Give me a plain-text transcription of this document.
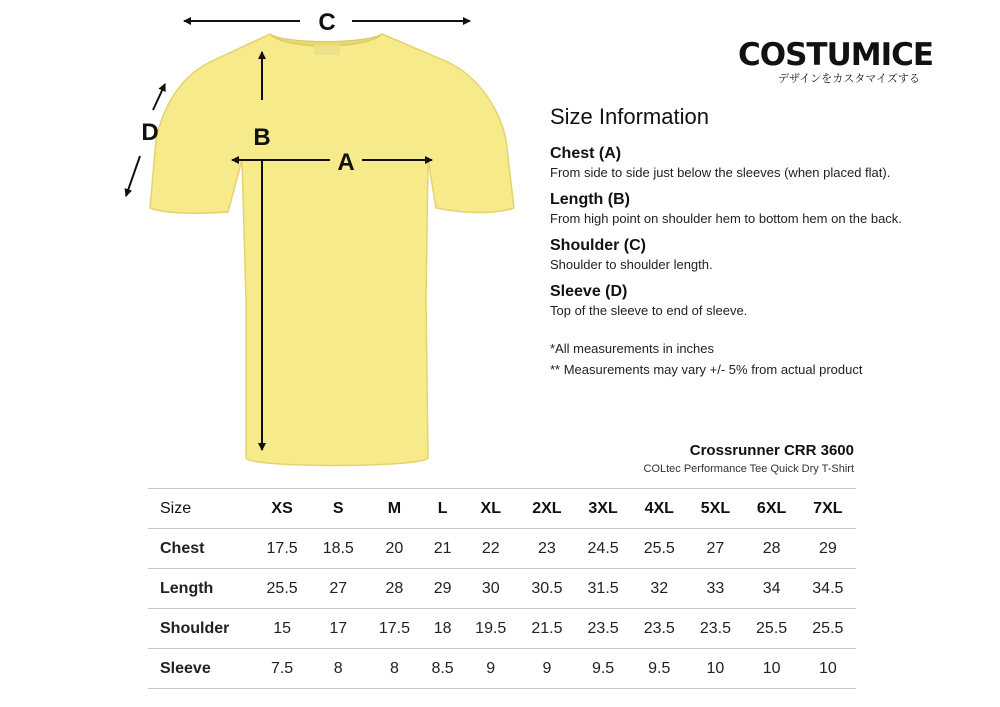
C
B
A
D
COSTUMICE
デザインをカスタマイズする
Size Information
Chest (A)
From side to side just below the sleeves (when placed flat).
Length (B)
From high point on shoulder hem to bottom hem on the back.
Shoulder (C)
Shoulder to shoulder length.
Sleeve (D)
Top of the sleeve to end of sleeve.
*All measurements in inches
** Measurements may vary +/- 5% from actual product
Crossrunner CRR 3600
COLtec Performance Tee Quick Dry T-Shirt
Size	XS	S	M	L	XL	2XL	3XL	4XL	5XL	6XL	7XL
Chest	17.5	18.5	20	21	22	23	24.5	25.5	27	28	29
Length	25.5	27	28	29	30	30.5	31.5	32	33	34	34.5
Shoulder	15	17	17.5	18	19.5	21.5	23.5	23.5	23.5	25.5	25.5
Sleeve	7.5	8	8	8.5	9	9	9.5	9.5	10	10	10
